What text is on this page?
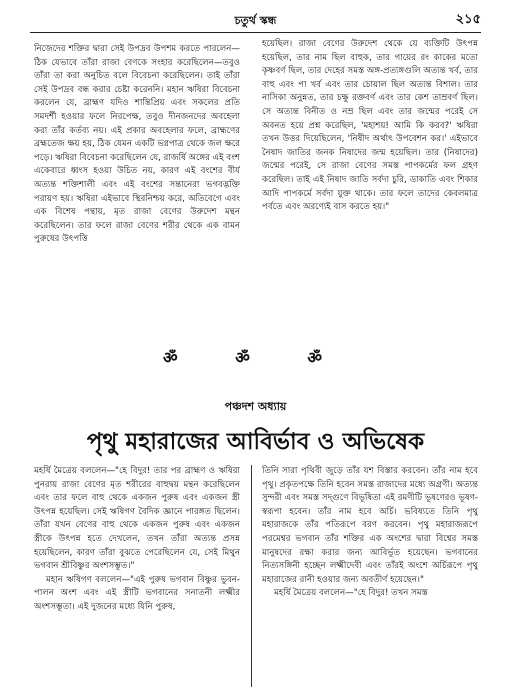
চতুর্থ স্কন্ধ	২১৫

নিজেদের শক্তির দ্বারা সেই উপদ্রব উপশম করতে পারলেন—ঠিক যেভাবে তাঁরা রাজা বেণকে সংহার করেছিলেন—তবুও তাঁরা তা করা অনুচিত বলে বিবেচনা করেছিলেন। তাই তাঁরা সেই উপদ্রব বন্ধ করার চেষ্টা করেননি। মহান ঋষিরা বিবেচনা করলেন যে, ব্রাহ্মণ যদিও শান্তিপ্রিয় এবং সকলের প্রতি সমদর্শী হওয়ার ফলে নিরপেক্ষ, তবুও দীনজনদের অবহেলা করা তাঁর কর্তব্য নয়। এই প্রকার অবহেলার ফলে, ব্রাহ্মণের ব্রহ্মতেজ ক্ষয় হয়, ঠিক যেমন একটি ভগ্নপাত্র থেকে জল ক্ষরে পড়ে। ঋষিরা বিবেচনা করেছিলেন যে, রাজর্ষি অঙ্গের এই বংশ একেবারে ধ্বংস হওয়া উচিত নয়, কারণ এই বংশের বীর্য অত্যন্ত শক্তিশালী এবং এই বংশের সন্তানেরা ভগবদ্ভক্তি পরায়ণ হয়। ঋষিরা এইভাবে স্থিরনিশ্চয় করে, অতিবেগে এবং এক বিশেষ পন্থায়, মৃত রাজা বেণের উরুদেশ মন্থন করেছিলেন। তার ফলে রাজা বেণের শরীর থেকে এক বামন পুরুষের উৎপত্তি

হয়েছিল। রাজা বেণের উরুদেশ থেকে যে ব্যক্তিটি উৎপন্ন হয়েছিল, তার নাম ছিল বাহুক, তার গায়ের রং কাকের মতো কৃষ্ণবর্ণ ছিল, তার দেহের সমস্ত অঙ্গ-প্রত্যঙ্গগুলি অত্যন্ত খর্ব, তার বাহু এবং পা খর্ব এবং তার চোয়াল ছিল অত্যন্ত বিশাল। তার নাসিকা অনুন্নত, তার চক্ষু রক্তবর্ণ এবং তার কেশ তাম্রবর্ণ ছিল। সে অত্যন্ত বিনীত ও নম্র ছিল এবং তার জন্মের পরেই সে অবনত হয়ে প্রশ্ন করেছিল, 'মহাশয়! আমি কি করব?' ঋষিরা তখন উত্তর দিয়েছিলেন, 'নিষীদ অর্থাৎ উপবেশন কর।' এইভাবে নৈষাদ জাতির জনক নিষাদের জন্ম হয়েছিল। তার (নিষাদের) জন্মের পরেই, সে রাজা বেণের সমস্ত পাপকর্মের ফল গ্রহণ করেছিল। তাই এই নিষাদ জাতি সর্বদা চুরি, ডাকাতি এবং শিকার আদি পাপকর্মে সর্বদা যুক্ত থাকে। তার ফলে তাদের কেবলমাত্র পর্বতে এবং অরণ্যেই বাস করতে হয়।"

ॐ ॐ ॐ
পঞ্চদশ অধ্যায়
পৃথু মহারাজের আবির্ভাব ও অভিষেক

মহর্ষি মৈত্রেয় বললেন—"হে বিদুর! তার পর ব্রাহ্মণ ও ঋষিরা পুনরায় রাজা বেণের মৃত শরীরের বাহুদ্বয় মন্থন করেছিলেন এবং তার ফলে বাহু থেকে একজন পুরুষ এবং একজন স্ত্রী উৎপন্ন হয়েছিল। সেই ঋষিগণ বৈদিক জ্ঞানে পারঙ্গত ছিলেন। তাঁরা যখন বেণের বাহু থেকে একজন পুরুষ এবং একজন স্ত্রীকে উৎপন্ন হতে দেখলেন, তখন তাঁরা অত্যন্ত প্রসন্ন হয়েছিলেন, কারণ তাঁরা বুঝতে পেরেছিলেন যে, সেই মিথুন ভগবান শ্রীবিষ্ণুর অংশসম্ভূত।"

মহান ঋষিগণ বললেন—"এই পুরুষ ভগবান বিষ্ণুর ভুবন-পালন অংশ এবং এই স্ত্রীটি ভগবানের সনাতনী লক্ষ্মীর অংশসম্ভূতা। এই দুজনের মধ্যে যিনি পুরুষ,

তিনি সারা পৃথিবী জুড়ে তাঁর যশ বিস্তার করবেন। তাঁর নাম হবে পৃথু। প্রকৃতপক্ষে তিনি হবেন সমস্ত রাজাদের মধ্যে অগ্রণী। অত্যন্ত সুন্দরী এবং সমস্ত সদ্গুণে বিভূষিতা এই রমণীটি ভূষণেরও ভূষণ-স্বরূপা হবেন। তাঁর নাম হবে অর্চি। ভবিষ্যতে তিনি পৃথু মহারাজকে তাঁর পতিরূপে বরণ করবেন। পৃথু মহারাজরূপে পরমেশ্বর ভগবান তাঁর শক্তির এক অংশের দ্বারা বিশ্বের সমস্ত মানুষদের রক্ষা করার জন্য আবির্ভূত হয়েছেন। ভগবানের নিত্যসঙ্গিনী হচ্ছেন লক্ষ্মীদেবী এবং তাঁরই অংশে অর্চিরূপে পৃথু মহারাজের রানী হওয়ার জন্য অবতীর্ণ হয়েছেন।"

মহর্ষি মৈত্রেয় বললেন—"হে বিদুর! তখন সমস্ত
